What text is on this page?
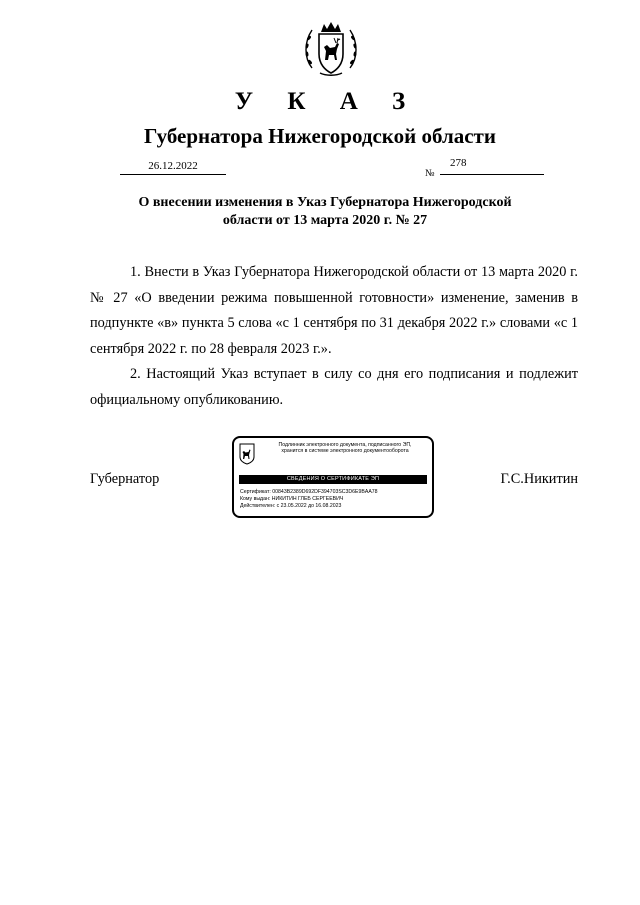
У К А З
Губернатора Нижегородской области
26.12.2022
№
278
О внесении изменения в Указ Губернатора Нижегородской
области от 13 марта 2020 г. № 27

1. Внести в Указ Губернатора Нижегородской области от 13 марта 2020 г. № 27 «О введении режима повышенной готовности» изменение, заменив в подпункте «в» пункта 5 слова «с 1 сентября по 31 декабря 2022 г.» словами «с 1 сентября 2022 г. по 28 февраля 2023 г.».

2. Настоящий Указ вступает в силу со дня его подписания и подлежит официальному опубликованию.

Губернатор
Подлинник электронного документа, подписанного ЭП,
хранится в системе электронного документооборота
СВЕДЕНИЯ О СЕРТИФИКАТЕ ЭП
Сертификат: 00843B2389D692DF394703SC3D6E9BAA78
Кому выдан: НИКИТИН ГЛЕБ СЕРГЕЕВИЧ
Действителен: с 23.05.2022 до 16.08.2023
Г.С.Никитин
